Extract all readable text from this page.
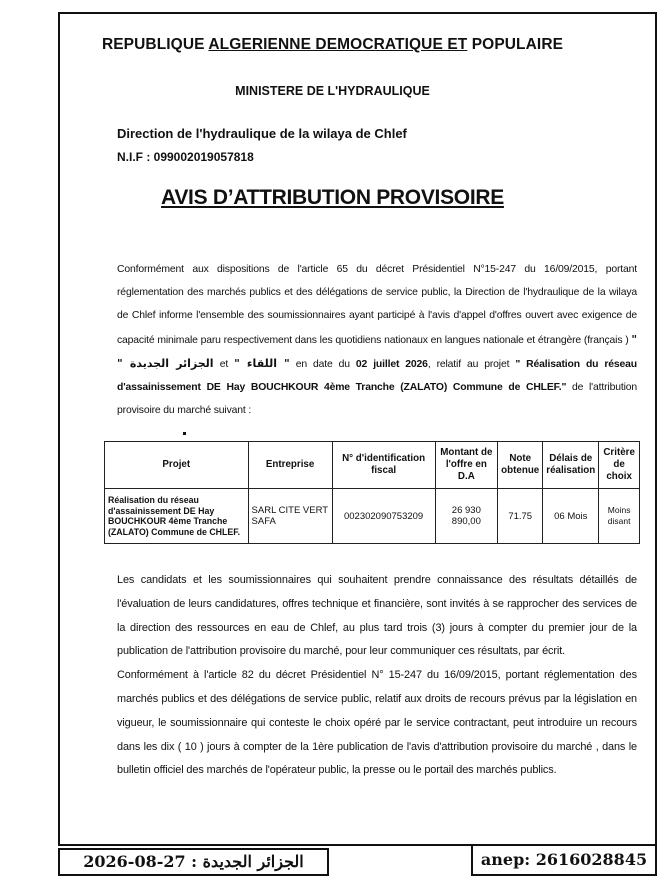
REPUBLIQUE ALGERIENNE DEMOCRATIQUE ET POPULAIRE
MINISTERE DE L'HYDRAULIQUE
Direction de l'hydraulique de la wilaya de Chlef
N.I.F : 099002019057818
AVIS D’ATTRIBUTION PROVISOIRE
Conformément aux dispositions de l'article 65 du décret Présidentiel N°15-247 du 16/09/2015, portant réglementation des marchés publics et des délégations de service public, la Direction de l'hydraulique de la wilaya de Chlef informe l'ensemble des soumissionnaires ayant participé à l'avis d'appel d'offres ouvert avec exigence de capacité minimale paru respectivement dans les quotidiens nationaux en langues nationale et étrangère (français ) " الجزائر الجديدة " et " اللقاء " en date du 02 juillet 2026, relatif au projet " Réalisation du réseau d'assainissement DE Hay BOUCHKOUR 4ème Tranche (ZALATO) Commune de CHLEF." de l'attribution provisoire du marché suivant :
Projet	Entreprise	N° d'identification fiscal	Montant de l'offre en D.A	Note obtenue	Délais de réalisation	Critère de choix
Réalisation du réseau d'assainissement DE Hay BOUCHKOUR 4ème Tranche (ZALATO) Commune de CHLEF.	SARL CITE VERT SAFA	002302090753209	26 930 890,00	71.75	06 Mois	Moins disant
Les candidats et les soumissionnaires qui souhaitent prendre connaissance des résultats détaillés de l'évaluation de leurs candidatures, offres technique et financière, sont invités à se rapprocher des services de la direction des ressources en eau de Chlef, au plus tard trois (3) jours à compter du premier jour de la publication de l'attribution provisoire du marché, pour leur communiquer ces résultats, par écrit.
Conformément à l'article 82 du décret Présidentiel N° 15-247 du 16/09/2015, portant réglementation des marchés publics et des délégations de service public, relatif aux droits de recours prévus par la législation en vigueur, le soumissionnaire qui conteste le choix opéré par le service contractant, peut introduire un recours dans les dix ( 10 ) jours à compter de la 1ère publication de l'avis d'attribution provisoire du marché , dans le bulletin officiel des marchés de l'opérateur public, la presse ou le portail des marchés publics.
الجزائر الجديدة : 27-08-2026	anep: 2616028845
